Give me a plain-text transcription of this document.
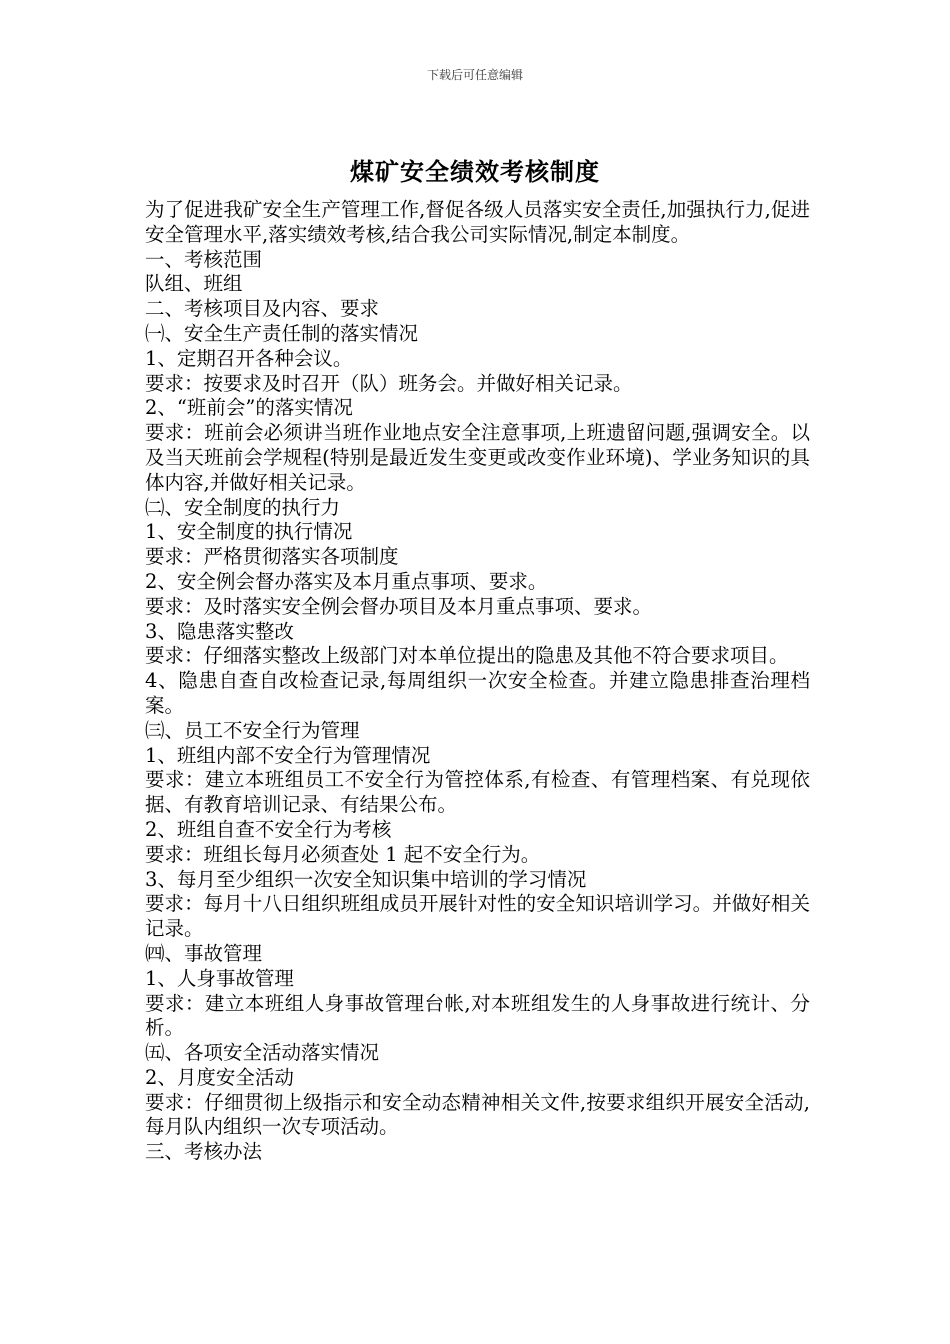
下载后可任意编辑
煤矿安全绩效考核制度

为了促进我矿安全生产管理工作,督促各级人员落实安全责任,加强执行力,促进安全管理水平,落实绩效考核,结合我公司实际情况,制定本制度。

一、考核范围

队组、班组

二、考核项目及内容、要求

㈠、安全生产责任制的落实情况

1、定期召开各种会议。

要求：按要求及时召开（队）班务会。并做好相关记录。

2、“班前会”的落实情况

要求：班前会必须讲当班作业地点安全注意事项,上班遗留问题,强调安全。以及当天班前会学规程(特别是最近发生变更或改变作业环境)、学业务知识的具体内容,并做好相关记录。

㈡、安全制度的执行力

1、安全制度的执行情况

要求：严格贯彻落实各项制度

2、安全例会督办落实及本月重点事项、要求。

要求：及时落实安全例会督办项目及本月重点事项、要求。

3、隐患落实整改

要求：仔细落实整改上级部门对本单位提出的隐患及其他不符合要求项目。

4、隐患自查自改检查记录,每周组织一次安全检查。并建立隐患排查治理档案。

㈢、员工不安全行为管理

1、班组内部不安全行为管理情况

要求：建立本班组员工不安全行为管控体系,有检查、有管理档案、有兑现依据、有教育培训记录、有结果公布。

2、班组自查不安全行为考核

要求：班组长每月必须查处 1 起不安全行为。

3、每月至少组织一次安全知识集中培训的学习情况

要求：每月十八日组织班组成员开展针对性的安全知识培训学习。并做好相关记录。

㈣、事故管理

1、人身事故管理

要求：建立本班组人身事故管理台帐,对本班组发生的人身事故进行统计、分析。

㈤、各项安全活动落实情况

2、月度安全活动

要求：仔细贯彻上级指示和安全动态精神相关文件,按要求组织开展安全活动,每月队内组织一次专项活动。

三、考核办法
